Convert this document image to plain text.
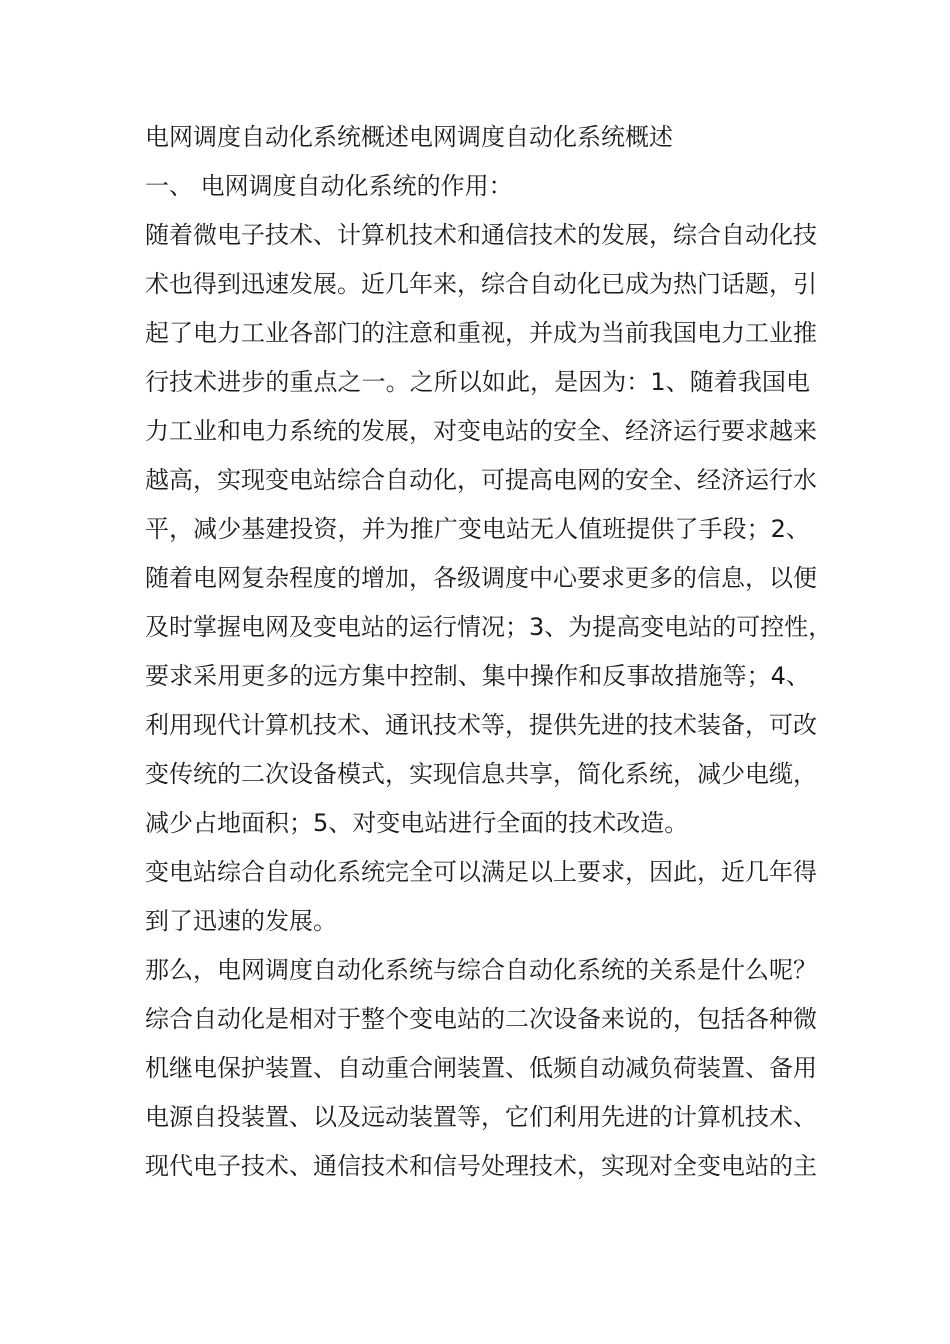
电网调度自动化系统概述电网调度自动化系统概述
一、 电网调度自动化系统的作用：
随着微电子技术、计算机技术和通信技术的发展，综合自动化技
术也得到迅速发展。近几年来，综合自动化已成为热门话题，引
起了电力工业各部门的注意和重视，并成为当前我国电力工业推
行技术进步的重点之一。之所以如此，是因为：1、随着我国电
力工业和电力系统的发展，对变电站的安全、经济运行要求越来
越高，实现变电站综合自动化，可提高电网的安全、经济运行水
平，减少基建投资，并为推广变电站无人值班提供了手段；2、
随着电网复杂程度的增加，各级调度中心要求更多的信息，以便
及时掌握电网及变电站的运行情况；3、为提高变电站的可控性，
要求采用更多的远方集中控制、集中操作和反事故措施等；4、
利用现代计算机技术、通讯技术等，提供先进的技术装备，可改
变传统的二次设备模式，实现信息共享，简化系统，减少电缆，
减少占地面积；5、对变电站进行全面的技术改造。
变电站综合自动化系统完全可以满足以上要求，因此，近几年得
到了迅速的发展。
那么，电网调度自动化系统与综合自动化系统的关系是什么呢？
综合自动化是相对于整个变电站的二次设备来说的，包括各种微
机继电保护装置、自动重合闸装置、低频自动减负荷装置、备用
电源自投装置、以及远动装置等，它们利用先进的计算机技术、
现代电子技术、通信技术和信号处理技术，实现对全变电站的主
